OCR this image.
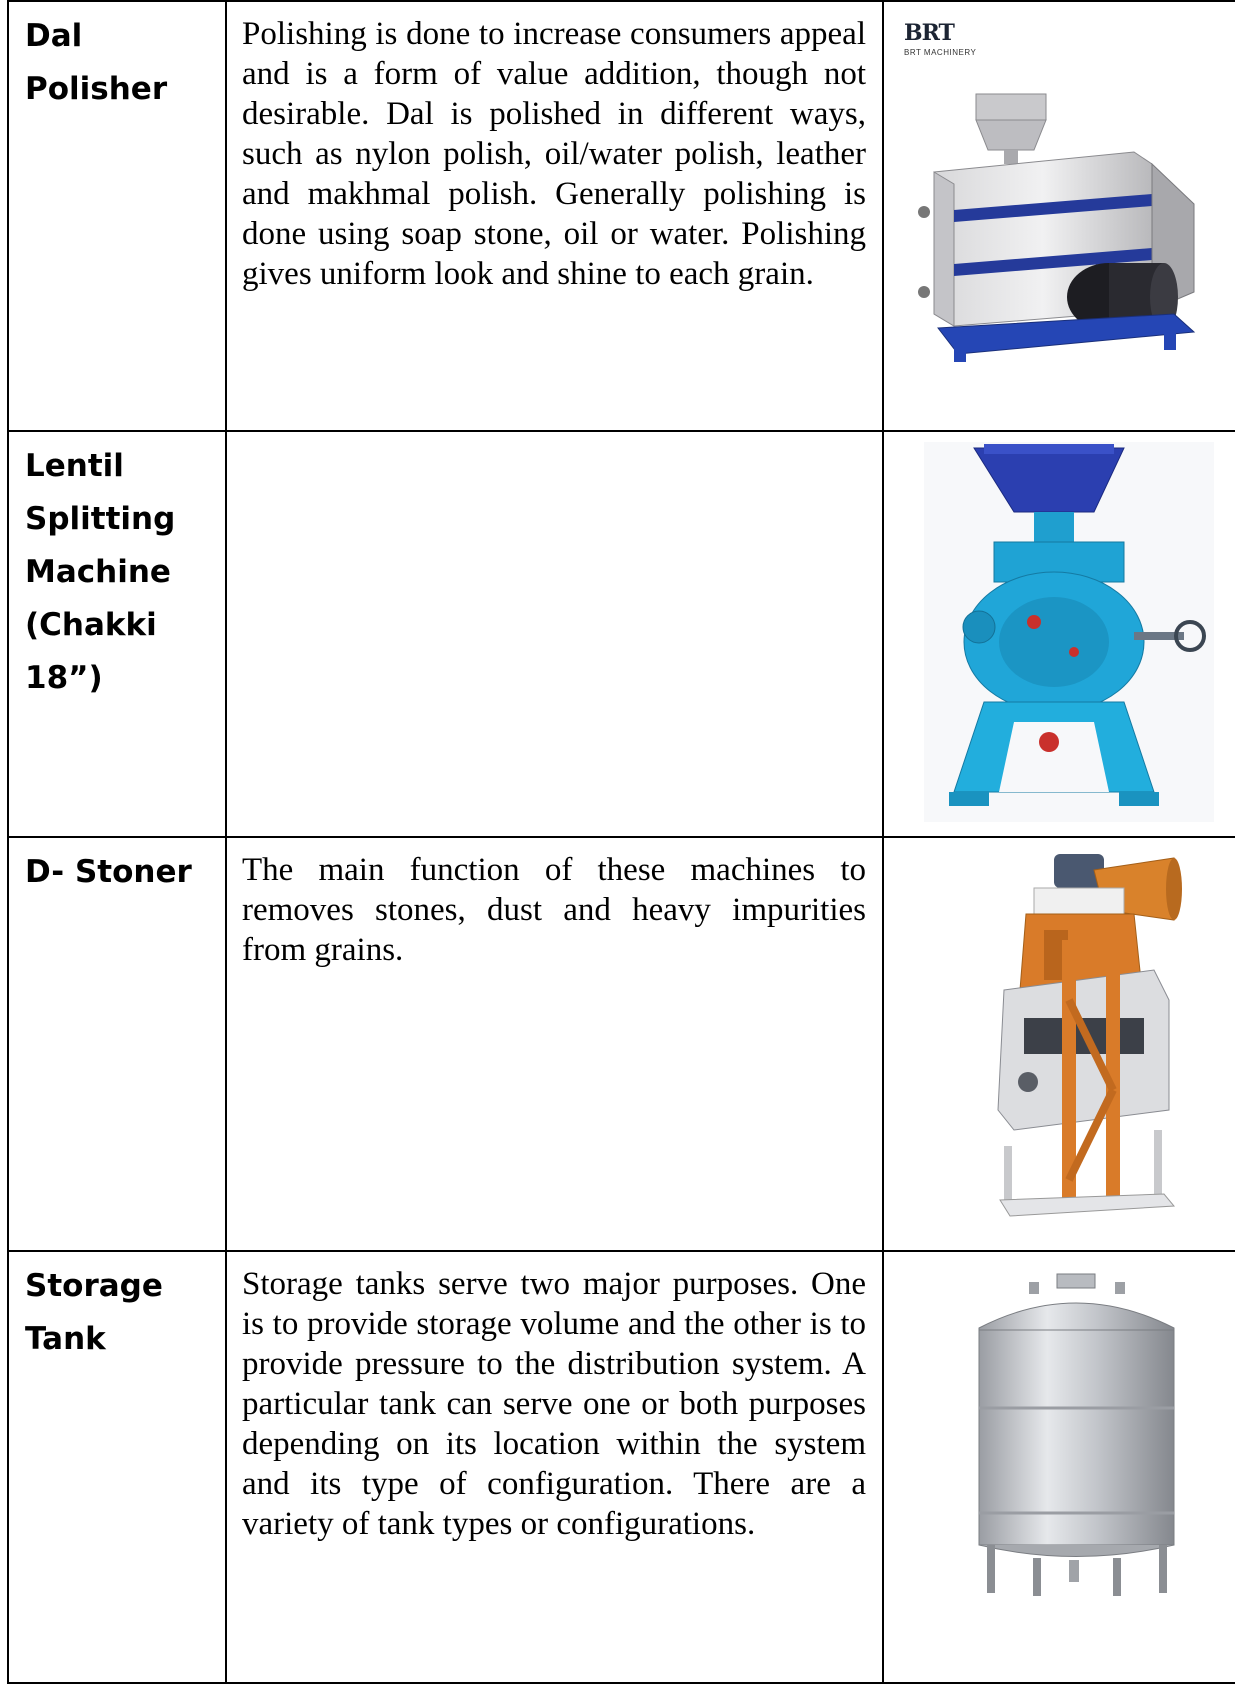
Dal Polisher	Polishing is done to increase consumers appeal and is a form of value addition, though not desirable. Dal is polished in different ways, such as nylon polish, oil/water polish, leather and makhmal polish. Generally polishing is done using soap stone, oil or water. Polishing gives uniform look and shine to each grain.	BRT
BRT MACHINERY

Lentil Splitting Machine (Chakki 18”)

D- Stoner	The main function of these machines to removes stones, dust and heavy impurities from grains.

Storage Tank	Storage tanks serve two major purposes. One is to provide storage volume and the other is to provide pressure to the distribution system. A particular tank can serve one or both purposes depending on its location within the system and its type of configuration. There are a variety of tank types or configurations.
